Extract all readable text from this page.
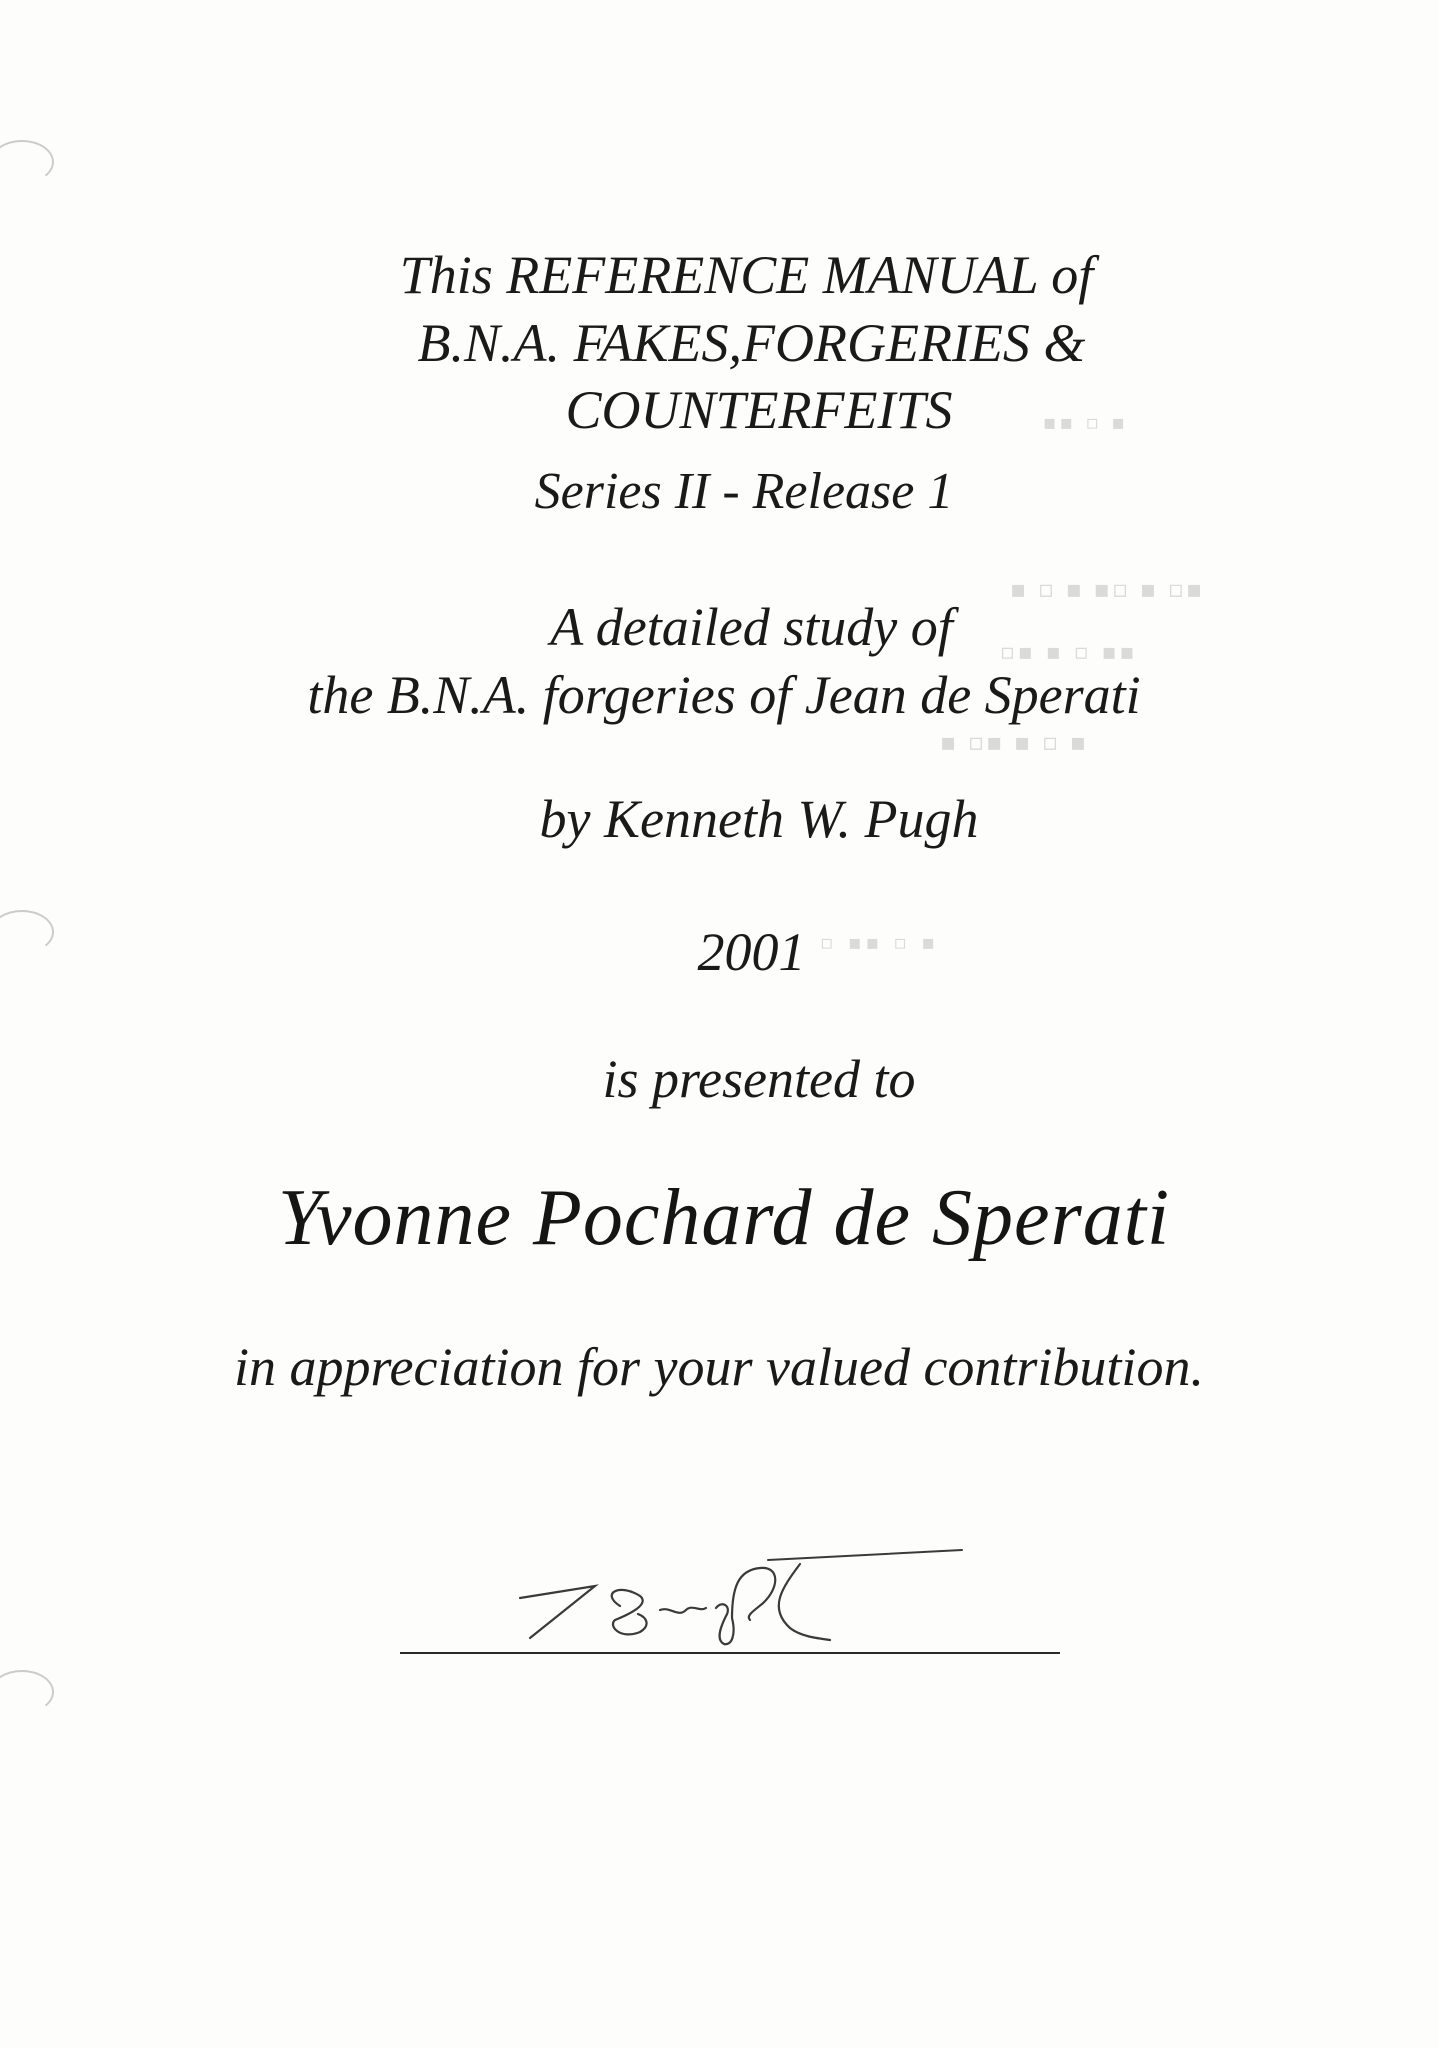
▪ ▫ ▪ ▪▫ ▪ ▫▪
▫▪ ▪ ▫ ▪▪
▪ ▫▪ ▪ ▫ ▪
▫ ▪▪ ▫ ▪
▪ ▫ ▪▪
This REFERENCE MANUAL of
B.N.A. FAKES,FORGERIES &
COUNTERFEITS
Series II - Release 1
A detailed study of
the B.N.A. forgeries of Jean de Sperati
by Kenneth W. Pugh
2001
is presented to
Yvonne Pochard de Sperati
in appreciation for your valued contribution.
